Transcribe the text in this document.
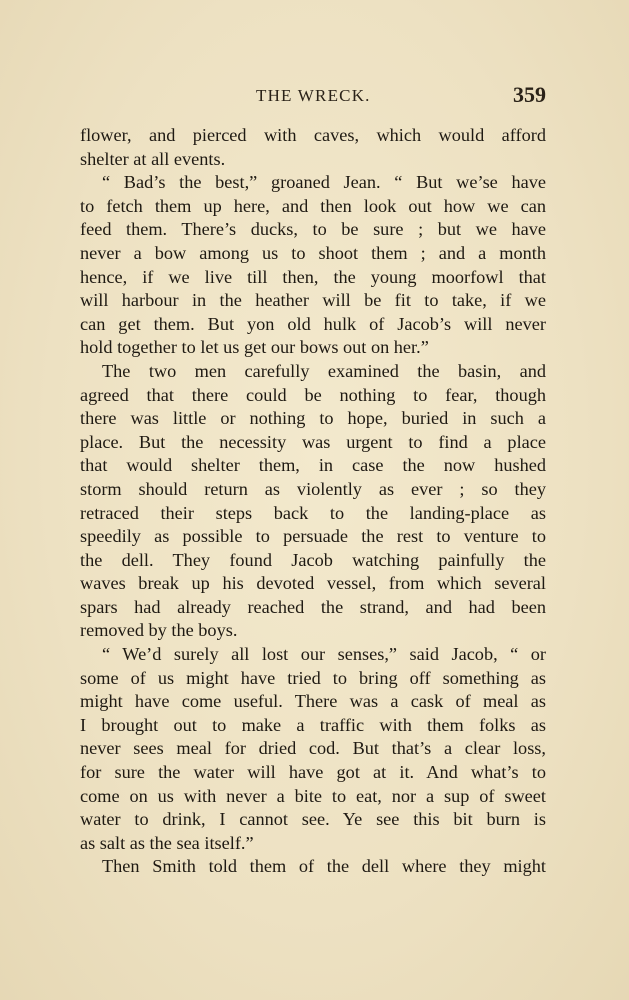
THE WRECK.	359
flower, and pierced with caves, which would afford
shelter at all events.
“ Bad’s the best,” groaned Jean. “ But we’se have
to fetch them up here, and then look out how we can
feed them. There’s ducks, to be sure ; but we have
never a bow among us to shoot them ; and a month
hence, if we live till then, the young moorfowl that
will harbour in the heather will be fit to take, if we
can get them. But yon old hulk of Jacob’s will never
hold together to let us get our bows out on her.”
The two men carefully examined the basin, and
agreed that there could be nothing to fear, though
there was little or nothing to hope, buried in such a
place. But the necessity was urgent to find a place
that would shelter them, in case the now hushed
storm should return as violently as ever ; so they
retraced their steps back to the landing-place as
speedily as possible to persuade the rest to venture to
the dell. They found Jacob watching painfully the
waves break up his devoted vessel, from which several
spars had already reached the strand, and had been
removed by the boys.
“ We’d surely all lost our senses,” said Jacob, “ or
some of us might have tried to bring off something as
might have come useful. There was a cask of meal as
I brought out to make a traffic with them folks as
never sees meal for dried cod. But that’s a clear loss,
for sure the water will have got at it. And what’s to
come on us with never a bite to eat, nor a sup of sweet
water to drink, I cannot see. Ye see this bit burn is
as salt as the sea itself.”
Then Smith told them of the dell where they might
